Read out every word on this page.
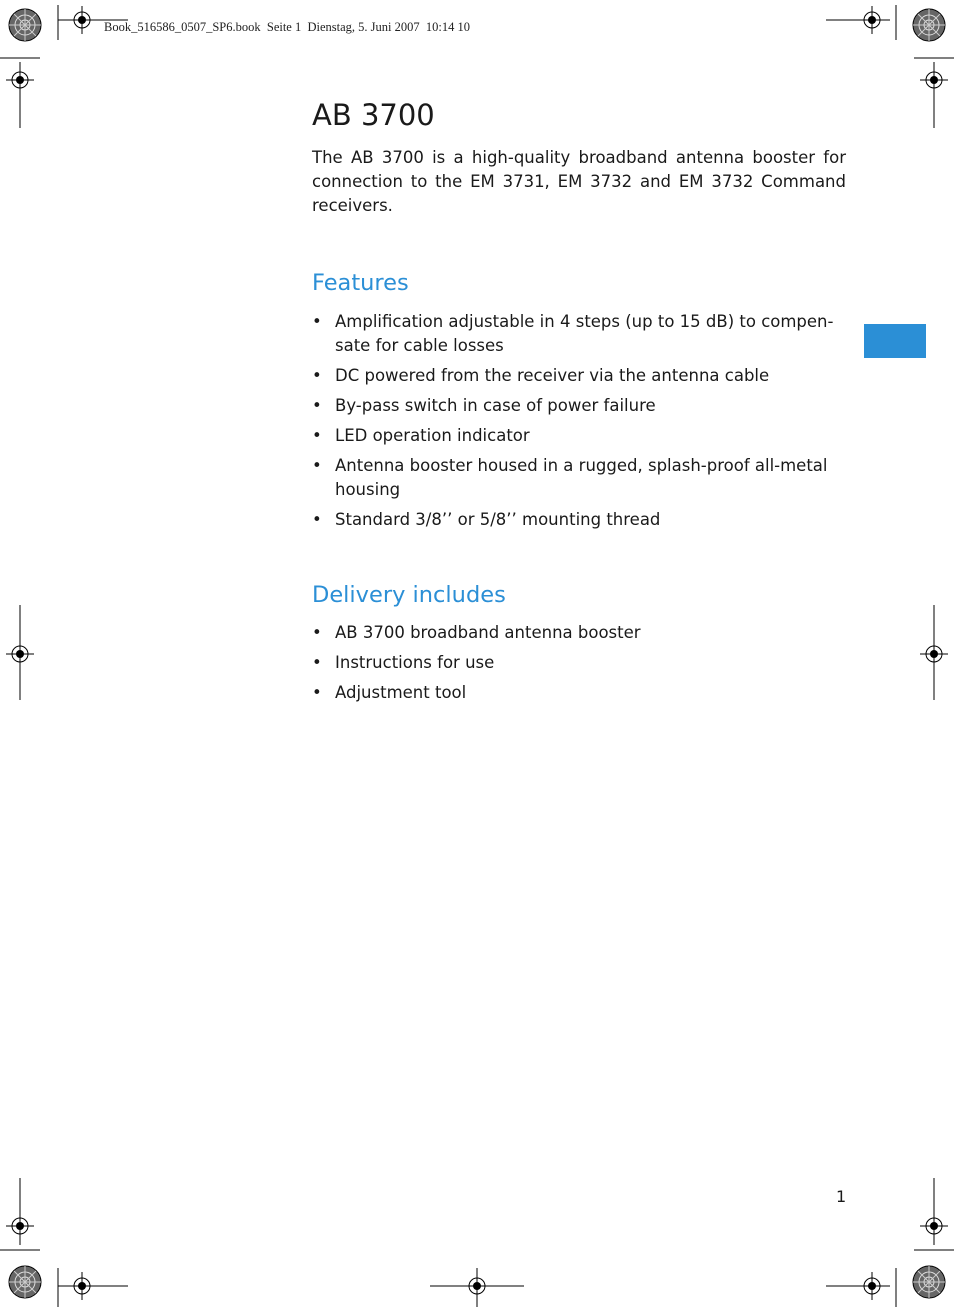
Book_516586_0507_SP6.book  Seite 1  Dienstag, 5. Juni 2007  10:14 10
AB 3700

The AB 3700 is a high-quality broadband antenna booster for connection to the EM 3731, EM 3732 and EM 3732 Command receivers.

Features
• Amplification adjustable in 4 steps (up to 15 dB) to compen-sate for cable losses
• DC powered from the receiver via the antenna cable
• By-pass switch in case of power failure
• LED operation indicator
• Antenna booster housed in a rugged, splash-proof all-metal housing
• Standard 3/8’’ or 5/8’’ mounting thread
Delivery includes
• AB 3700 broadband antenna booster
• Instructions for use
• Adjustment tool
1
